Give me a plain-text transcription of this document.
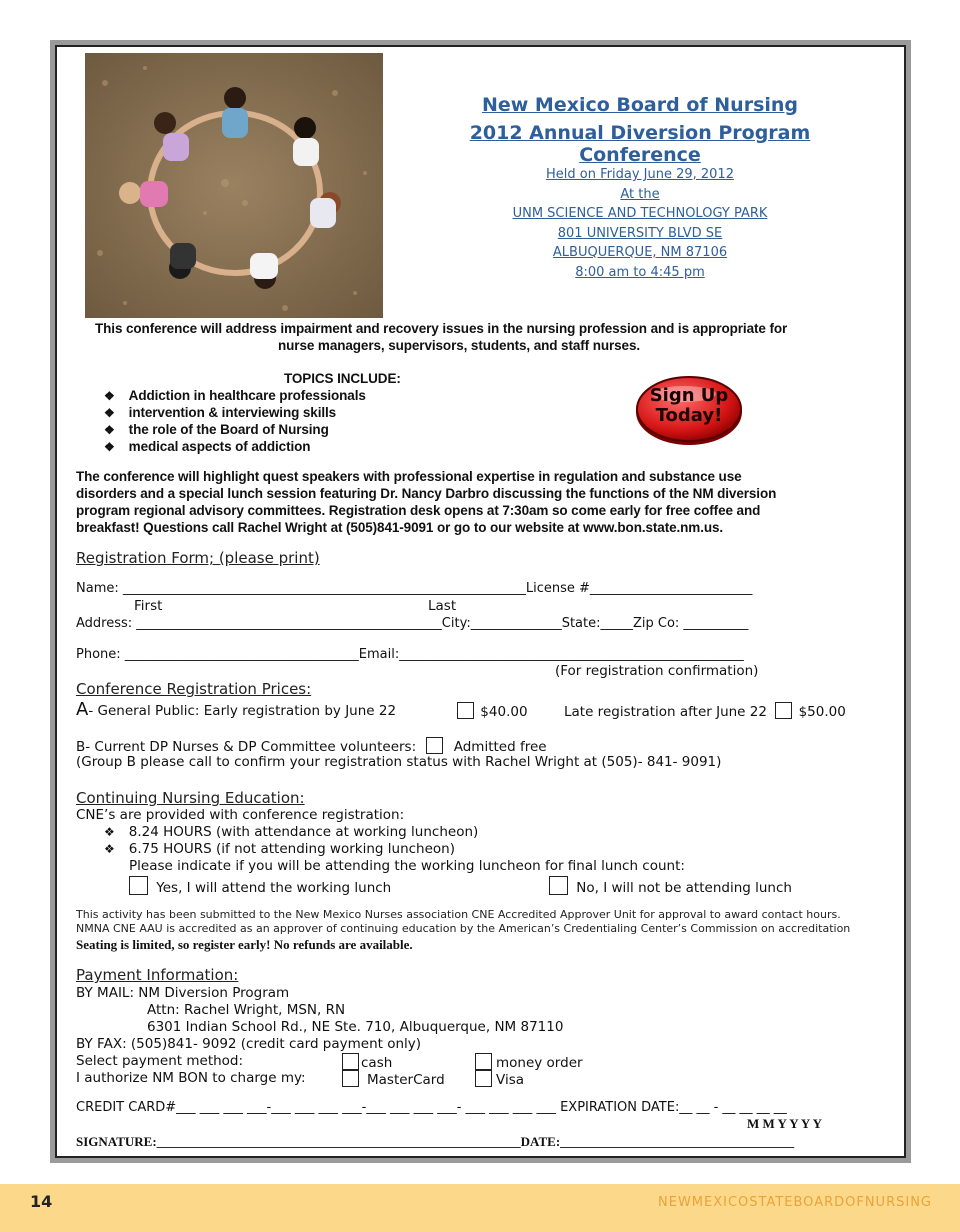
New Mexico Board of Nursing
2012 Annual Diversion Program Conference
Held on Friday June 29, 2012
At the
UNM SCIENCE AND TECHNOLOGY PARK
801 UNIVERSITY BLVD SE
ALBUQUERQUE, NM 87106
8:00 am to 4:45 pm
This conference will address impairment and recovery issues in the nursing profession and is appropriate for
nurse managers, supervisors, students, and staff nurses.
TOPICS INCLUDE:
❖ Addiction in healthcare professionals
❖ intervention & interviewing skills
❖ the role of the Board of Nursing
❖ medical aspects of addiction
Sign Up
Today!
The conference will highlight quest speakers with professional expertise in regulation and substance use
disorders and a special lunch session featuring Dr. Nancy Darbro discussing the functions of the NM diversion
program regional advisory committees. Registration desk opens at 7:30am so come early for free coffee and
breakfast! Questions call Rachel Wright at (505)841-9091 or go to our website at www.bon.state.nm.us.
Registration Form; (please print)
Name: ______________________________________________________________License #_________________________
First	Last
Address: _______________________________________________City:______________State:_____Zip Co: __________
Phone: ____________________________________Email:_____________________________________________________
(For registration confirmation)
Conference Registration Prices:
A- General Public: Early registration by June 22	$40.00	Late registration after June 22 $50.00
B- Current DP Nurses & DP Committee volunteers:	Admitted free
(Group B please call to confirm your registration status with Rachel Wright at (505)- 841- 9091)
Continuing Nursing Education:
CNE’s are provided with conference registration:
❖ 8.24 HOURS (with attendance at working luncheon)
❖ 6.75 HOURS (if not attending working luncheon)
Please indicate if you will be attending the working luncheon for final lunch count:
Yes, I will attend the working lunch	No, I will not be attending lunch
This activity has been submitted to the New Mexico Nurses association CNE Accredited Approver Unit for approval to award contact hours.
NMNA CNE AAU is accredited as an approver of continuing education by the American’s Credentialing Center’s Commission on accreditation
Seating is limited, so register early! No refunds are available.
Payment Information:
BY MAIL: NM Diversion Program
Attn: Rachel Wright, MSN, RN
6301 Indian School Rd., NE Ste. 710, Albuquerque, NM 87110
BY FAX: (505)841- 9092 (credit card payment only)
Select payment method:	cash	money order
I authorize NM BON to charge my:	MasterCard	Visa
CREDIT CARD#___ ___ ___ ___-___ ___ ___ ___-___ ___ ___ ___- ___ ___ ___ ___ EXPIRATION DATE:__ __ - __ __ __ __
M M Y Y Y Y
SIGNATURE:________________________________________________________DATE:____________________________________
14	NEWMEXICOSTATEBOARDOFNURSING
